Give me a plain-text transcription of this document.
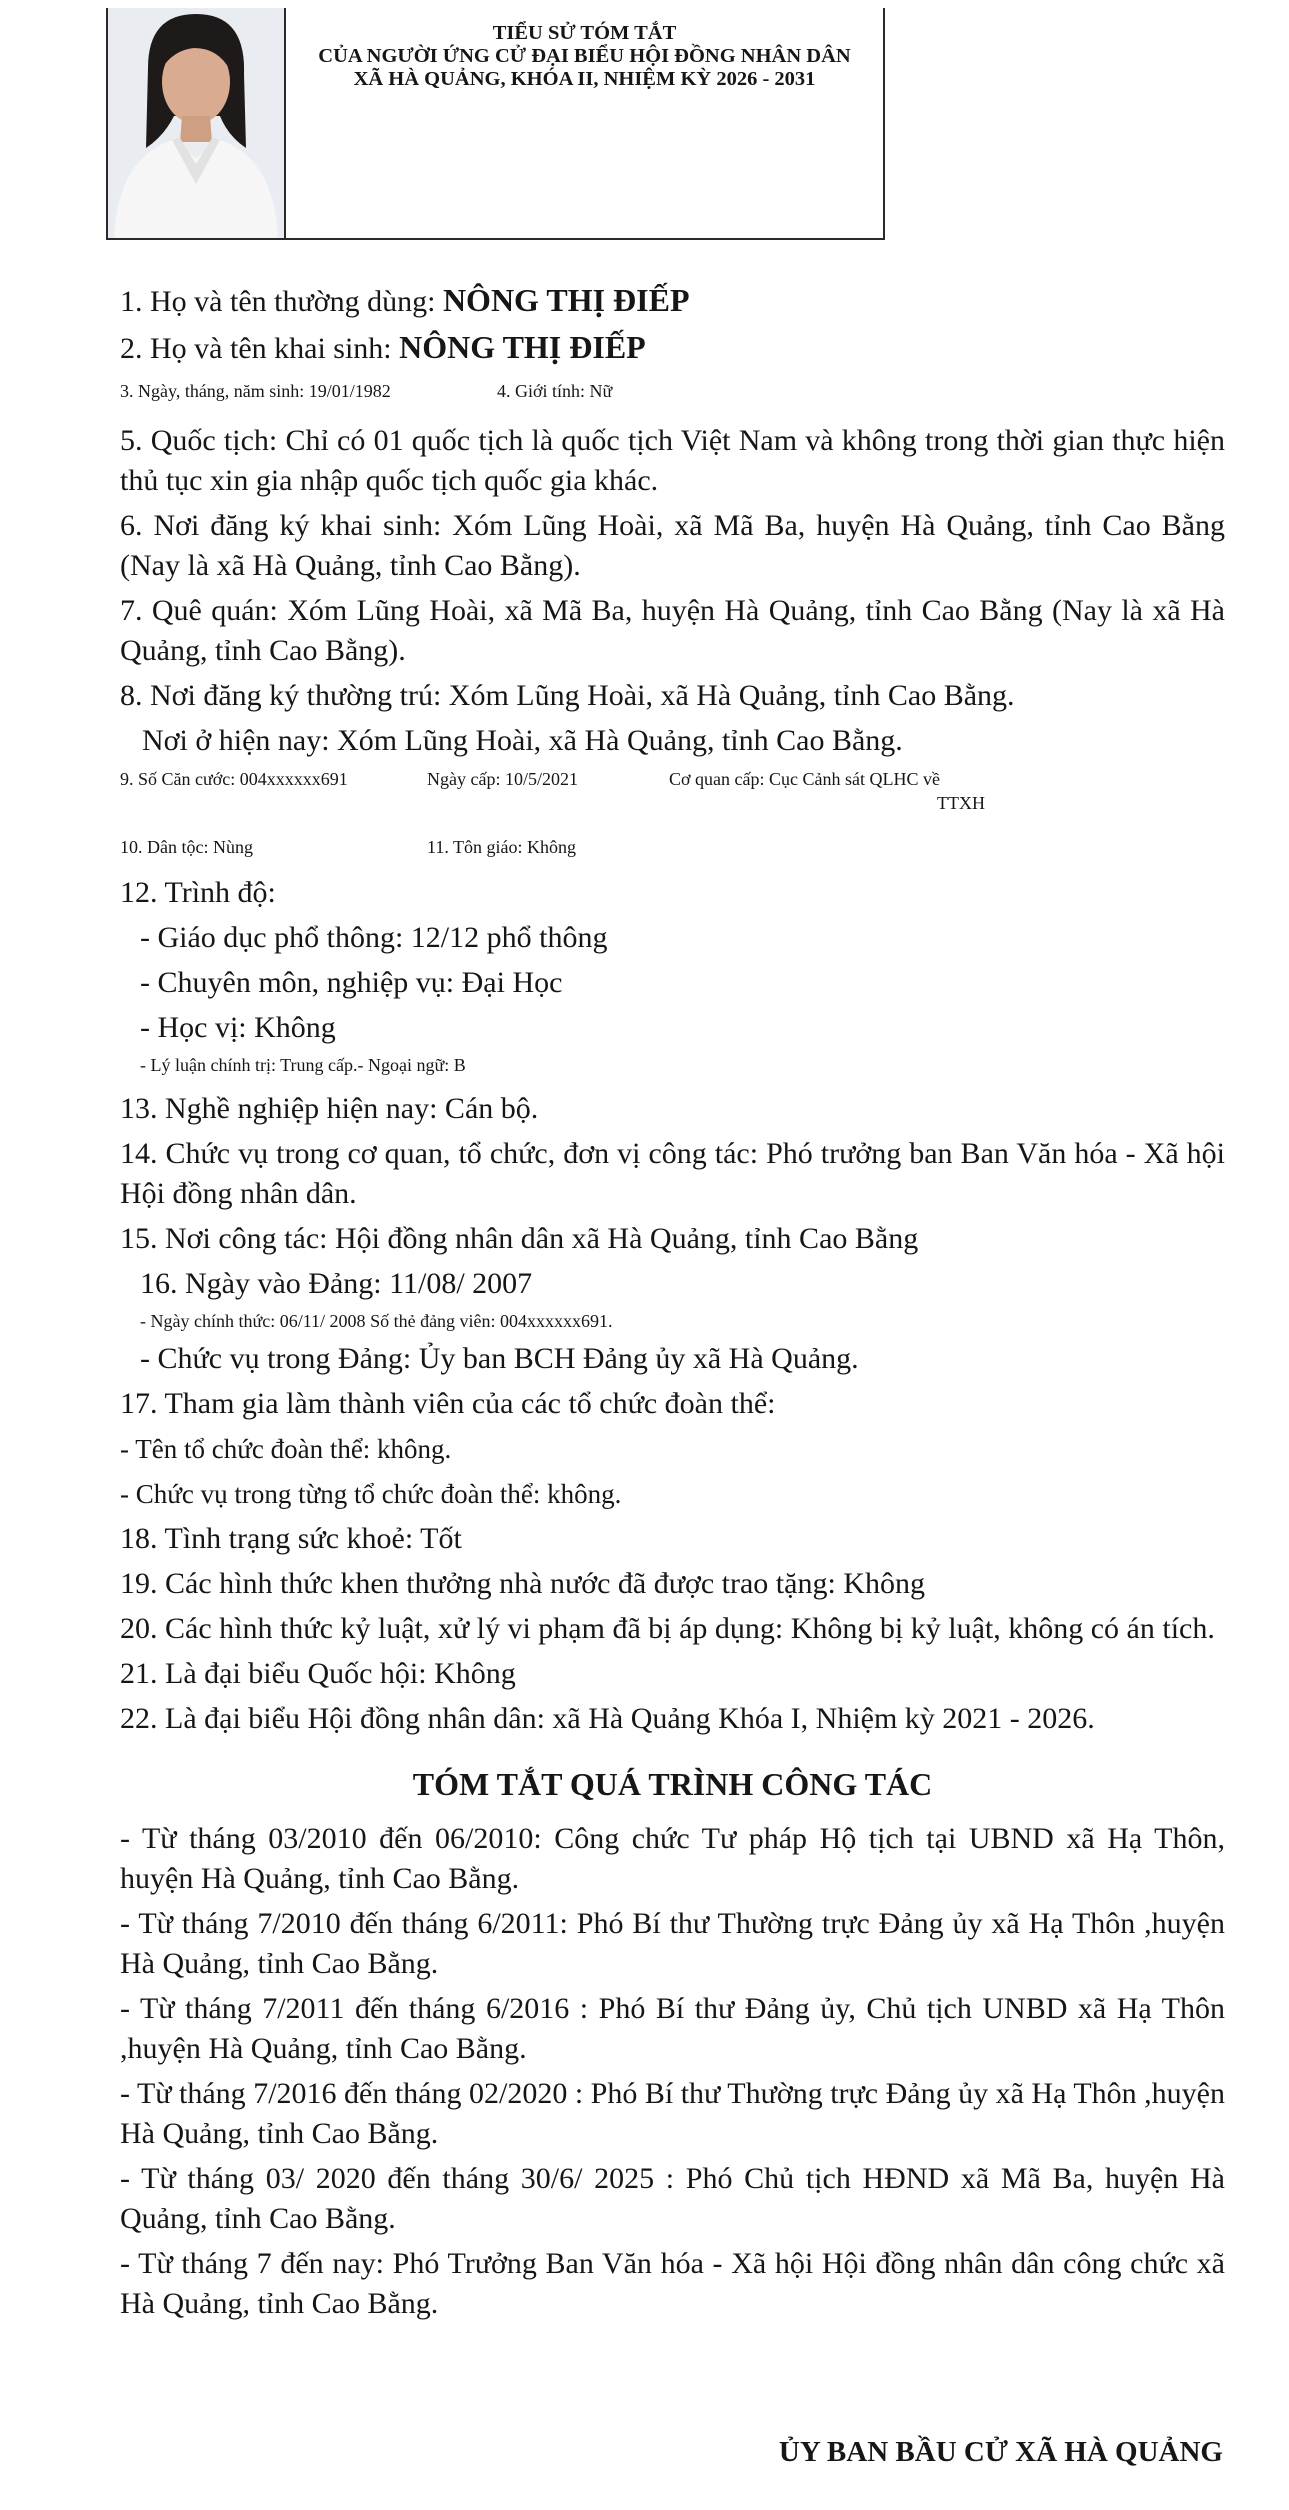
TIỂU SỬ TÓM TẮT
CỦA NGƯỜI ỨNG CỬ ĐẠI BIỂU HỘI ĐỒNG NHÂN DÂN
XÃ HÀ QUẢNG, KHÓA II, NHIỆM KỲ 2026 - 2031

1. Họ và tên thường dùng: NÔNG THỊ ĐIẾP

2. Họ và tên khai sinh: NÔNG THỊ ĐIẾP

3. Ngày, tháng, năm sinh: 19/01/1982	4. Giới tính: Nữ

5. Quốc tịch: Chỉ có 01 quốc tịch là quốc tịch Việt Nam và không trong thời gian thực hiện thủ tục xin gia nhập quốc tịch quốc gia khác.

6. Nơi đăng ký khai sinh: Xóm Lũng Hoài, xã Mã Ba, huyện Hà Quảng, tỉnh Cao Bằng (Nay là xã Hà Quảng, tỉnh Cao Bằng).

7. Quê quán: Xóm Lũng Hoài, xã Mã Ba, huyện Hà Quảng, tỉnh Cao Bằng (Nay là xã Hà Quảng, tỉnh Cao Bằng).

8. Nơi đăng ký thường trú: Xóm Lũng Hoài, xã Hà Quảng, tỉnh Cao Bằng.

Nơi ở hiện nay: Xóm Lũng Hoài, xã Hà Quảng, tỉnh Cao Bằng.

9. Số Căn cước: 004xxxxxx691	Ngày cấp: 10/5/2021	Cơ quan cấp: Cục Cảnh sát QLHC về
TTXH

10. Dân tộc: Nùng	11. Tôn giáo: Không

12. Trình độ:

- Giáo dục phổ thông: 12/12 phổ thông

- Chuyên môn, nghiệp vụ: Đại Học

- Học vị: Không

- Lý luận chính trị: Trung cấp.- Ngoại ngữ: B

13. Nghề nghiệp hiện nay: Cán bộ.

14. Chức vụ trong cơ quan, tổ chức, đơn vị công tác: Phó trưởng ban Ban Văn hóa - Xã hội Hội đồng nhân dân.

15. Nơi công tác: Hội đồng nhân dân xã Hà Quảng, tỉnh Cao Bằng

16. Ngày vào Đảng: 11/08/ 2007

- Ngày chính thức: 06/11/ 2008 Số thẻ đảng viên: 004xxxxxx691.

- Chức vụ trong Đảng: Ủy ban BCH Đảng ủy xã Hà Quảng.

17. Tham gia làm thành viên của các tổ chức đoàn thể:

- Tên tổ chức đoàn thể: không.

- Chức vụ trong từng tổ chức đoàn thể: không.

18. Tình trạng sức khoẻ: Tốt

19. Các hình thức khen thưởng nhà nước đã được trao tặng: Không

20. Các hình thức kỷ luật, xử lý vi phạm đã bị áp dụng: Không bị kỷ luật, không có án tích.

21. Là đại biểu Quốc hội: Không

22. Là đại biểu Hội đồng nhân dân: xã Hà Quảng Khóa I, Nhiệm kỳ 2021 - 2026.

TÓM TẮT QUÁ TRÌNH CÔNG TÁC

- Từ tháng 03/2010 đến 06/2010: Công chức Tư pháp Hộ tịch tại UBND xã Hạ Thôn, huyện Hà Quảng, tỉnh Cao Bằng.

- Từ tháng 7/2010 đến tháng 6/2011: Phó Bí thư Thường trực Đảng ủy xã Hạ Thôn ,huyện Hà Quảng, tỉnh Cao Bằng.

- Từ tháng 7/2011 đến tháng 6/2016 : Phó Bí thư Đảng ủy, Chủ tịch UNBD xã Hạ Thôn ,huyện Hà Quảng, tỉnh Cao Bằng.

- Từ tháng 7/2016 đến tháng 02/2020 : Phó Bí thư Thường trực Đảng ủy xã Hạ Thôn ,huyện Hà Quảng, tỉnh Cao Bằng.

- Từ tháng 03/ 2020 đến tháng 30/6/ 2025 : Phó Chủ tịch HĐND xã Mã Ba, huyện Hà Quảng, tỉnh Cao Bằng.

- Từ tháng 7 đến nay: Phó Trưởng Ban Văn hóa - Xã hội Hội đồng nhân dân công chức xã Hà Quảng, tỉnh Cao Bằng.

ỦY BAN BẦU CỬ XÃ HÀ QUẢNG
